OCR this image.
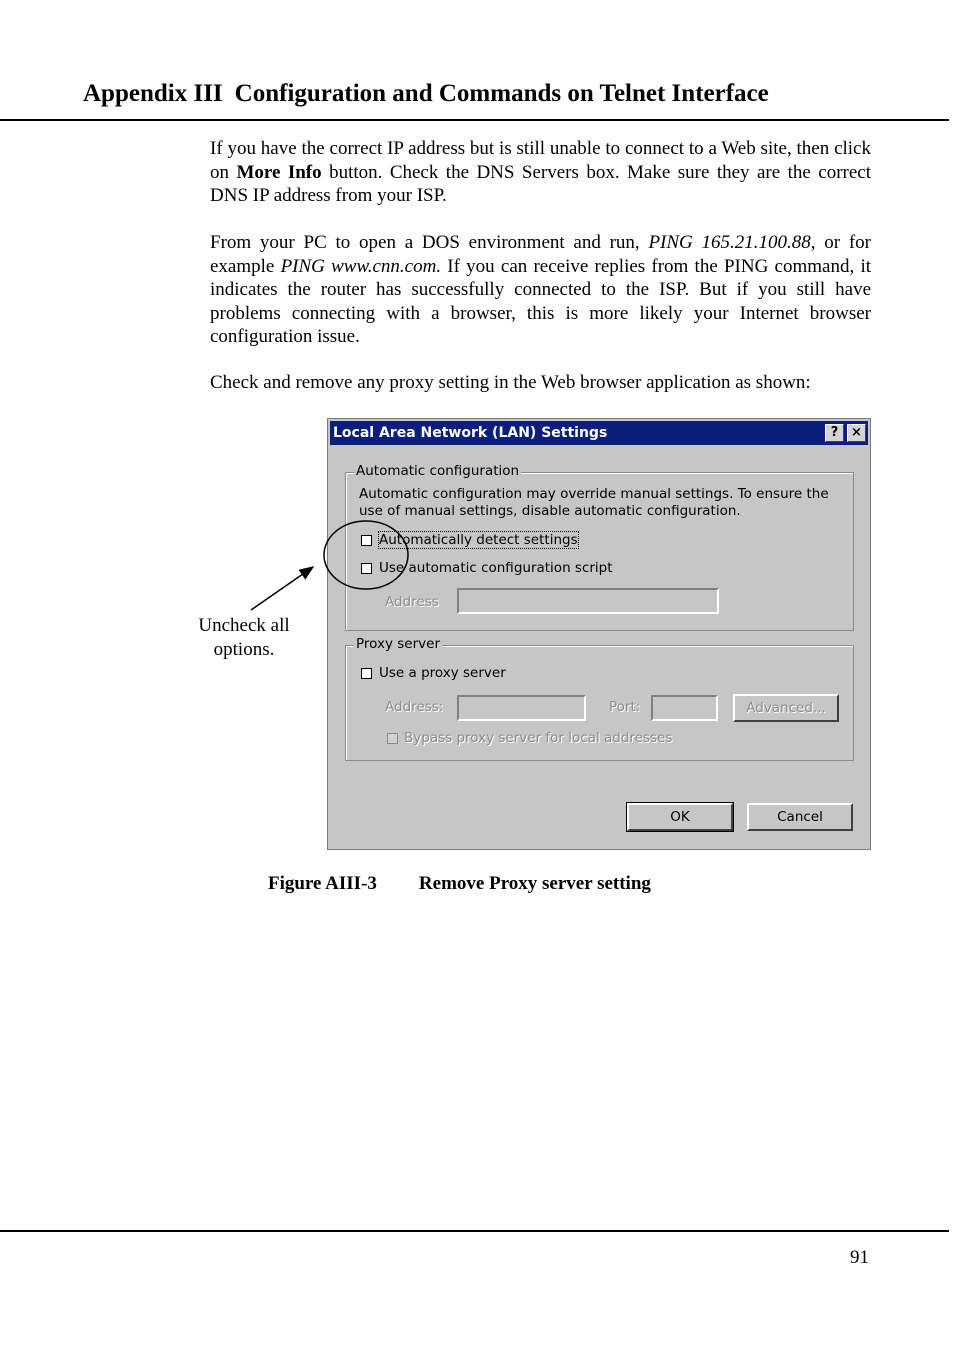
Appendix III Configuration and Commands on Telnet Interface

If you have the correct IP address but is still unable to connect to a Web site, then click on More Info button. Check the DNS Servers box. Make sure they are the correct DNS IP address from your ISP.

From your PC to open a DOS environment and run, PING 165.21.100.88, or for example PING www.cnn.com. If you can receive replies from the PING command, it indicates the router has successfully connected to the ISP. But if you still have problems connecting with a browser, this is more likely your Internet browser configuration issue.

Check and remove any proxy setting in the Web browser application as shown:

Uncheck all
options.
Local Area Network (LAN) Settings	? ×
Automatic configuration
Automatic configuration may override manual settings. To ensure the use of manual settings, disable automatic configuration.
Automatically detect settings
Use automatic configuration script
Address
Proxy server
Use a proxy server
Address:	Port:	Advanced...
Bypass proxy server for local addresses
OK	Cancel
Figure AIII-3 Remove Proxy server setting
91
